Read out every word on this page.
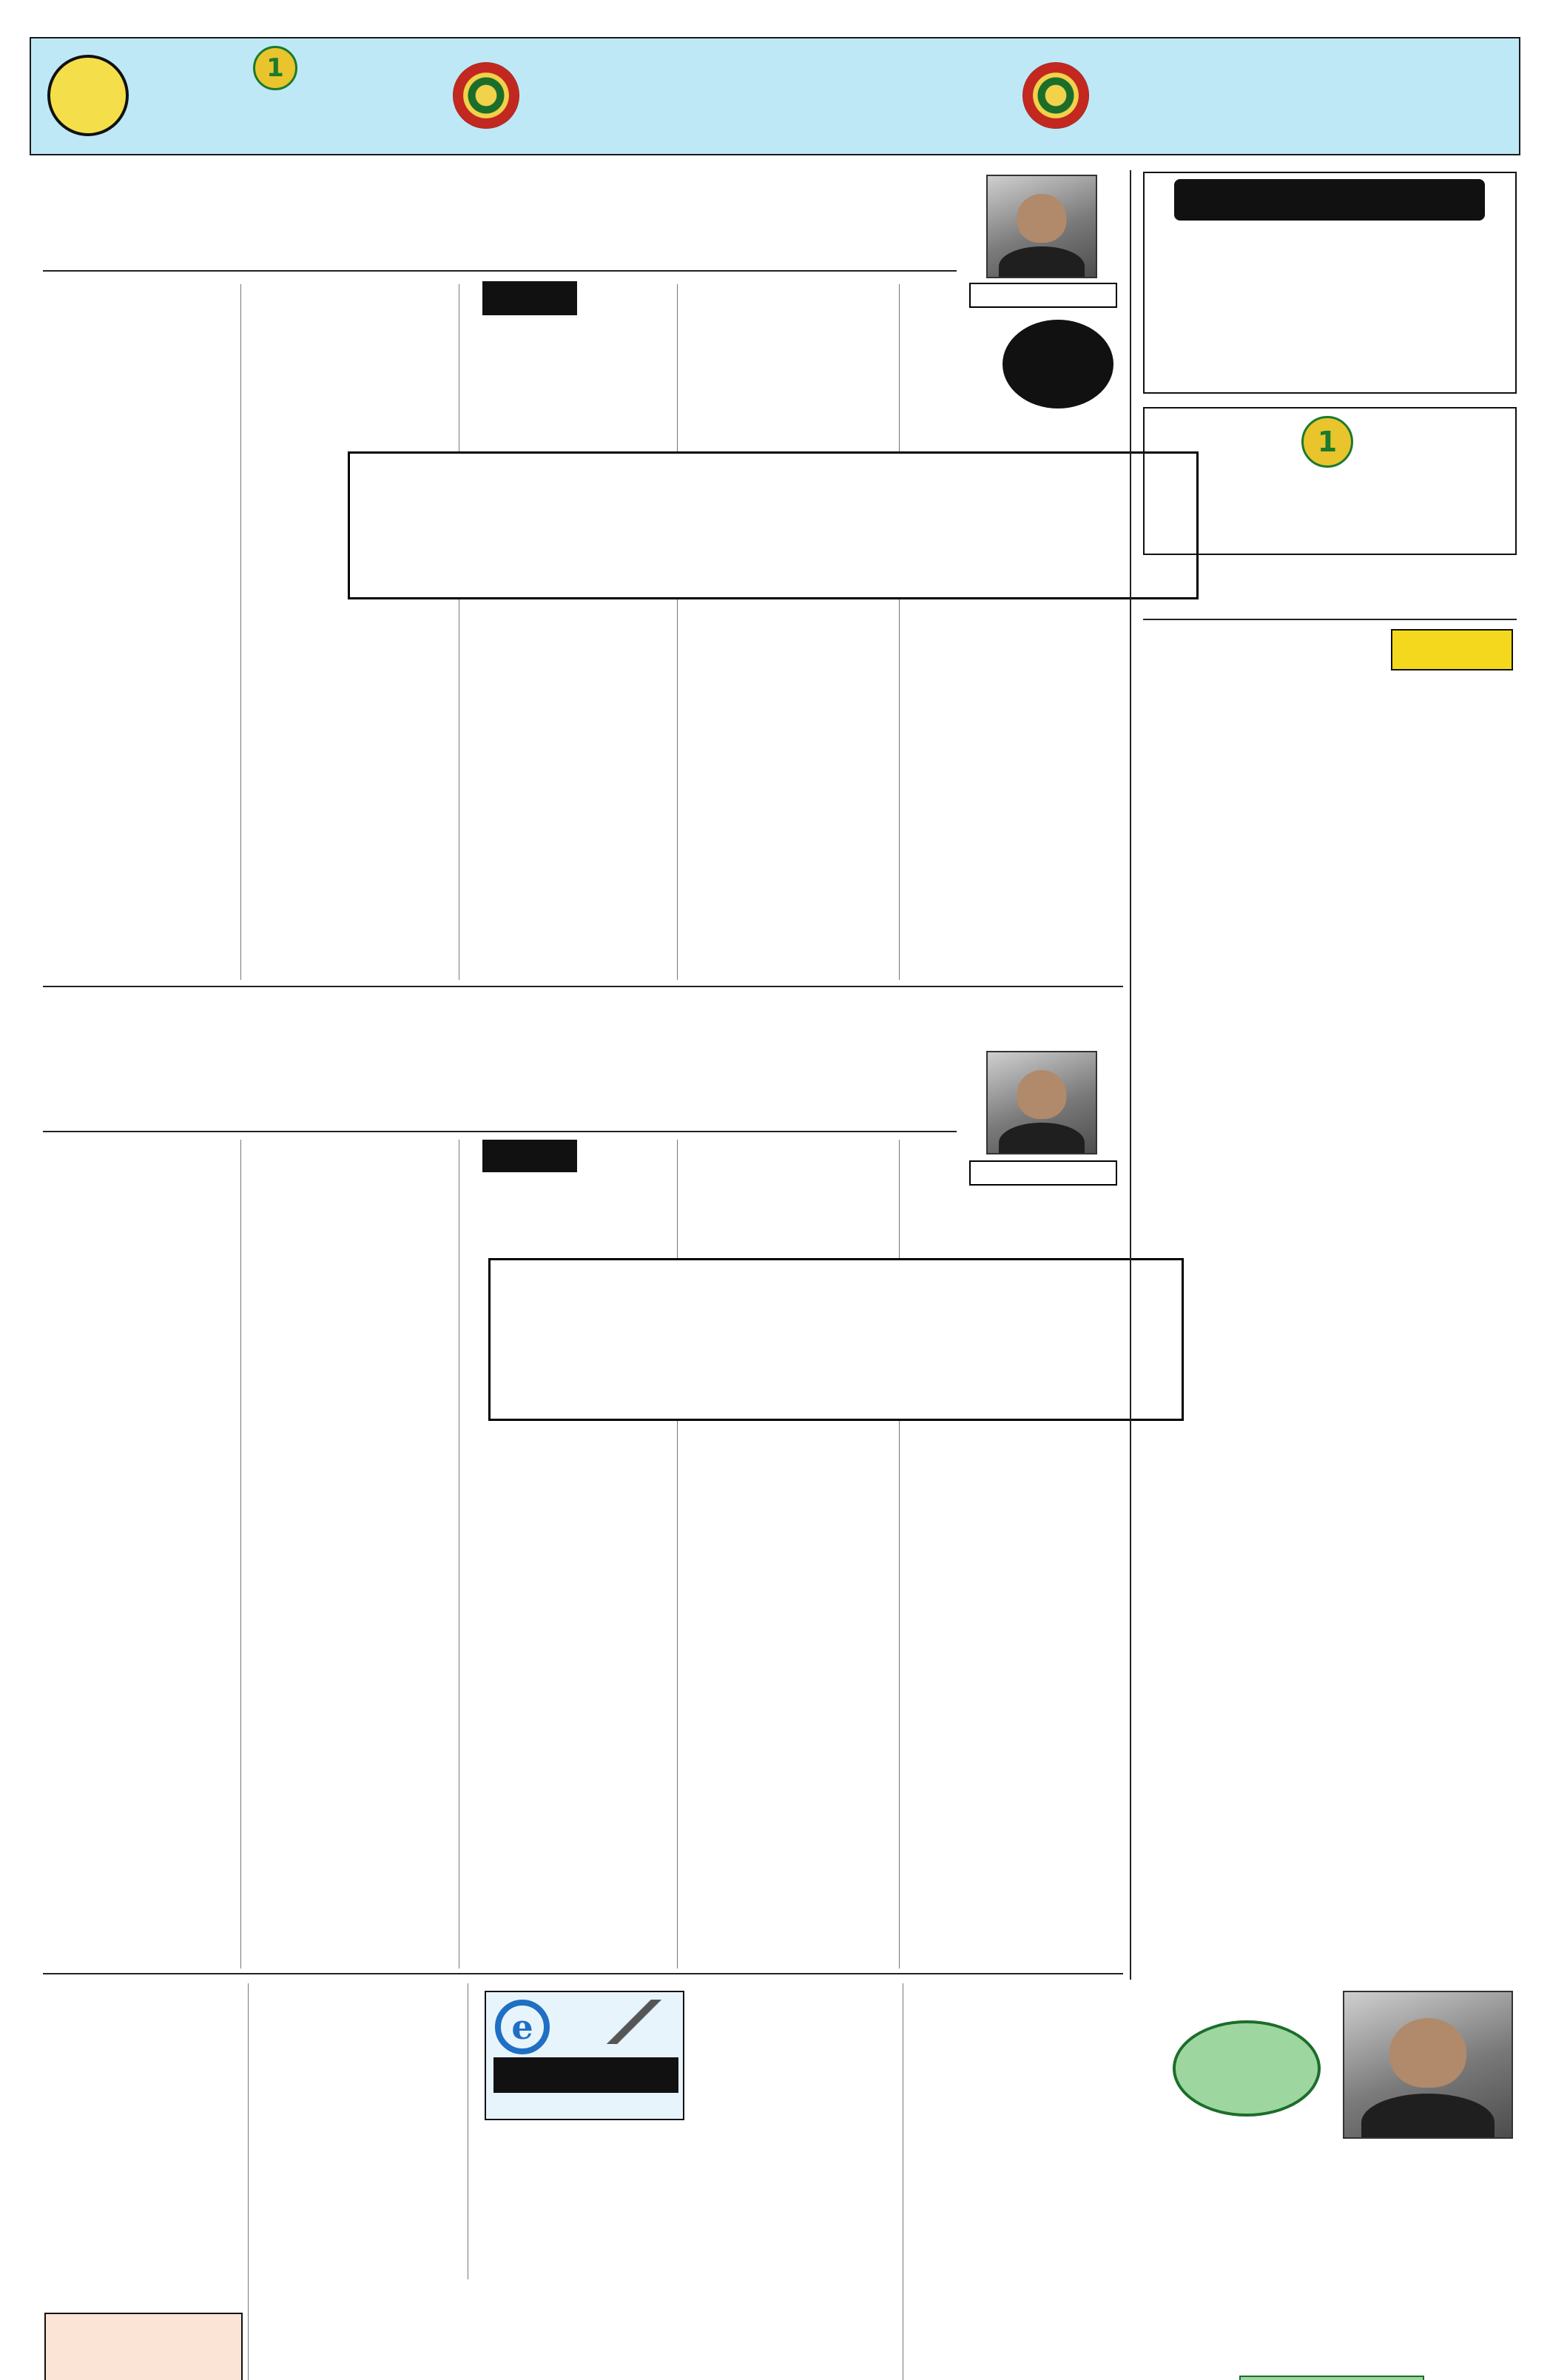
1
1
e
